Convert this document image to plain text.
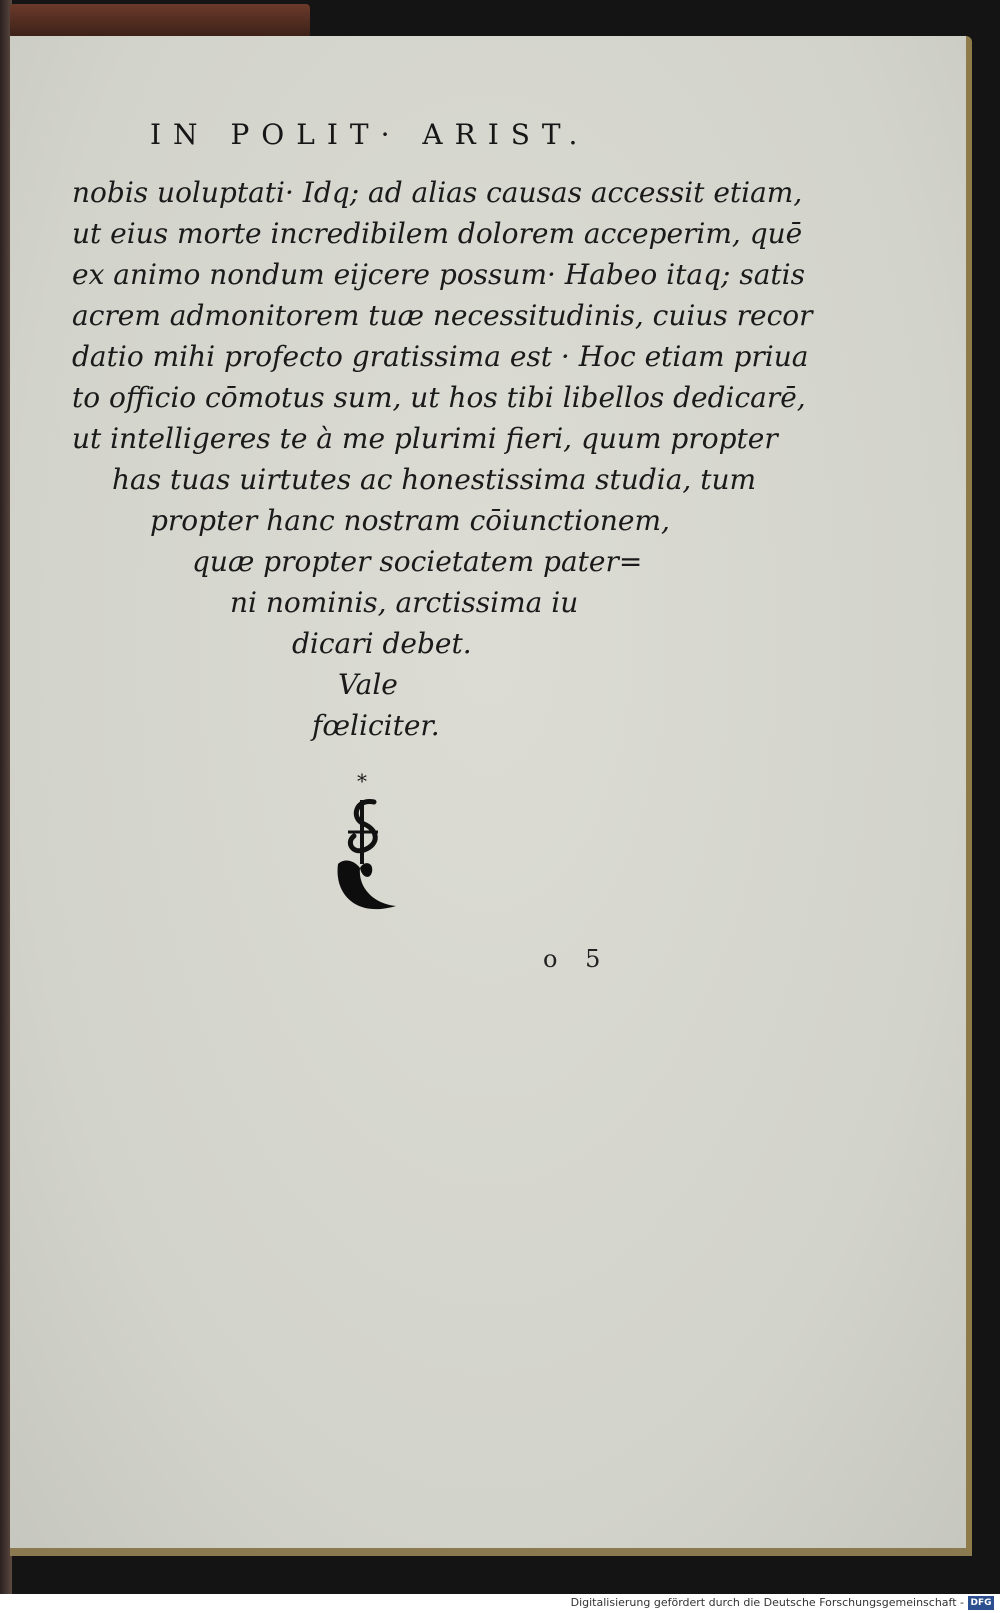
IN POLIT· ARIST.
nobis uoluptati· Idq; ad alias causas accessit etiam,
ut eius morte incredibilem dolorem acceperim, quē
ex animo nondum eijcere possum· Habeo itaq; satis
acrem admonitorem tuæ necessitudinis, cuius recor
datio mihi profecto gratissima est · Hoc etiam priua
to officio cōmotus sum, ut hos tibi libellos dedicarē,
ut intelligeres te à me plurimi fieri, quum propter
has tuas uirtutes ac honestissima studia, tum
propter hanc nostram cōiunctionem,
quæ propter societatem pater=
ni nominis, arctissima iu
dicari debet.
Vale
fœliciter.
*
o 5
Digitalisierung gefördert durch die Deutsche Forschungsgemeinschaft - DFG
